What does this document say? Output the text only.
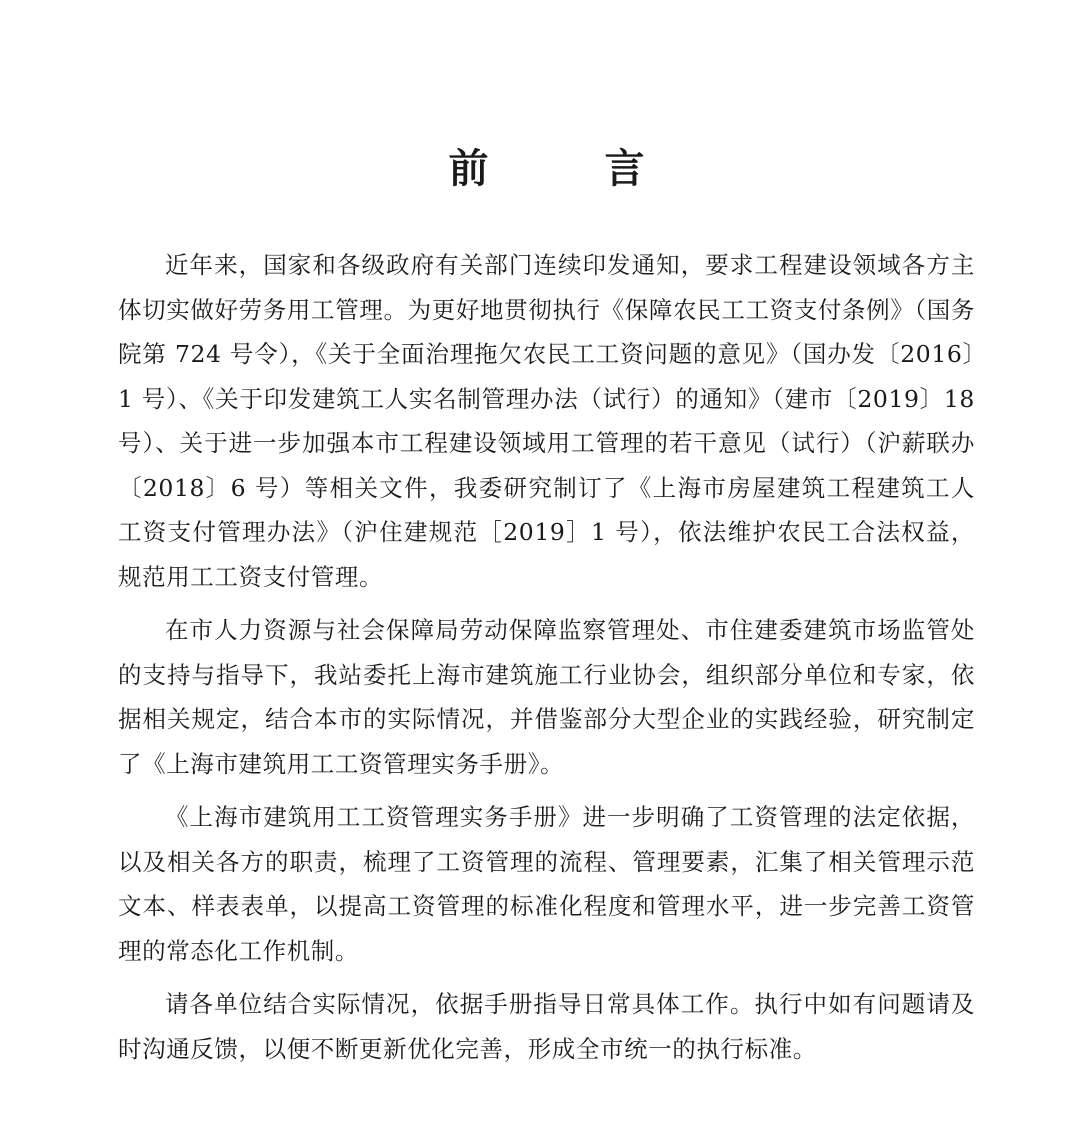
前　言

近年来，国家和各级政府有关部门连续印发通知，要求工程建设领域各方主体切实做好劳务用工管理。为更好地贯彻执行《保障农民工工资支付条例》（国务院第 724 号令），《关于全面治理拖欠农民工工资问题的意见》（国办发〔2016〕1 号）、《关于印发建筑工人实名制管理办法（试行）的通知》（建市〔2019〕18 号）、关于进一步加强本市工程建设领域用工管理的若干意见（试行）（沪薪联办〔2018〕6 号）等相关文件，我委研究制订了《上海市房屋建筑工程建筑工人工资支付管理办法》（沪住建规范［2019］1 号），依法维护农民工合法权益，规范用工工资支付管理。

在市人力资源与社会保障局劳动保障监察管理处、市住建委建筑市场监管处的支持与指导下，我站委托上海市建筑施工行业协会，组织部分单位和专家，依据相关规定，结合本市的实际情况，并借鉴部分大型企业的实践经验，研究制定了《上海市建筑用工工资管理实务手册》。

《上海市建筑用工工资管理实务手册》进一步明确了工资管理的法定依据，以及相关各方的职责，梳理了工资管理的流程、管理要素，汇集了相关管理示范文本、样表表单，以提高工资管理的标准化程度和管理水平，进一步完善工资管理的常态化工作机制。

请各单位结合实际情况，依据手册指导日常具体工作。执行中如有问题请及时沟通反馈，以便不断更新优化完善，形成全市统一的执行标准。
